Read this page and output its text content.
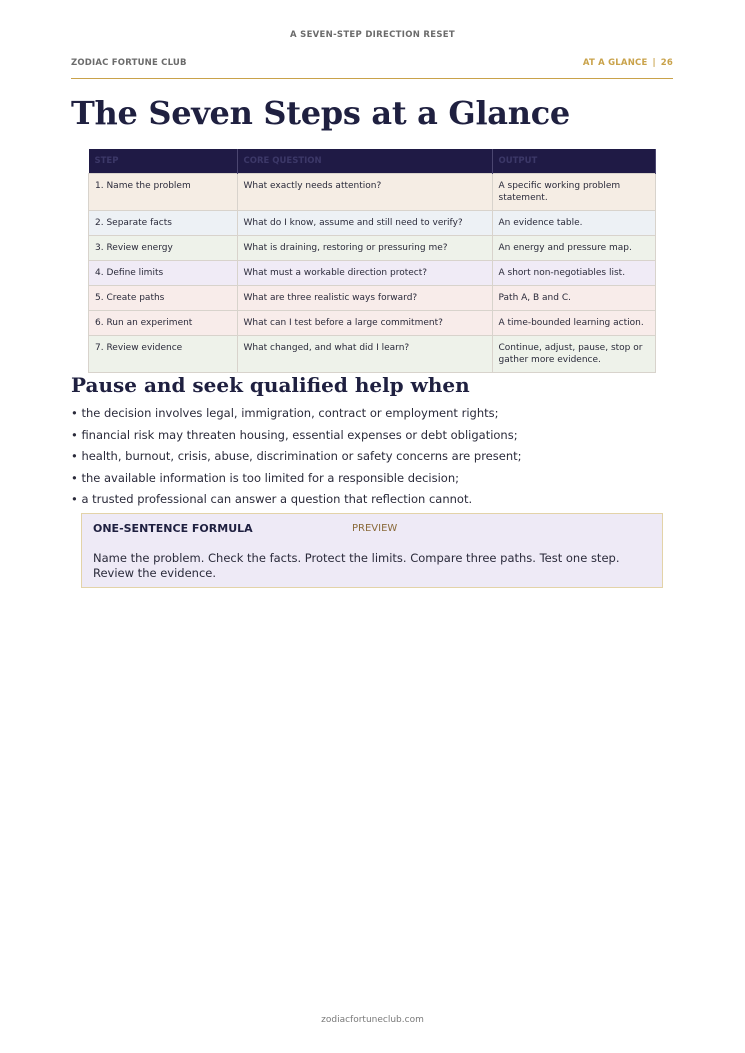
A SEVEN-STEP DIRECTION RESET
ZODIAC FORTUNE CLUB	AT A GLANCE | 26
The Seven Steps at a Glance
STEP	CORE QUESTION	OUTPUT
1. Name the problem	What exactly needs attention?	A specific working problem statement.
2. Separate facts	What do I know, assume and still need to verify?	An evidence table.
3. Review energy	What is draining, restoring or pressuring me?	An energy and pressure map.
4. Define limits	What must a workable direction protect?	A short non-negotiables list.
5. Create paths	What are three realistic ways forward?	Path A, B and C.
6. Run an experiment	What can I test before a large commitment?	A time-bounded learning action.
7. Review evidence	What changed, and what did I learn?	Continue, adjust, pause, stop or gather more evidence.
Pause and seek qualified help when
• the decision involves legal, immigration, contract or employment rights;
• financial risk may threaten housing, essential expenses or debt obligations;
• health, burnout, crisis, abuse, discrimination or safety concerns are present;
• the available information is too limited for a responsible decision;
• a trusted professional can answer a question that reflection cannot.
ONE-SENTENCE FORMULA	PREVIEW
Name the problem. Check the facts. Protect the limits. Compare three paths. Test one step. Review the evidence.
zodiacfortuneclub.com
